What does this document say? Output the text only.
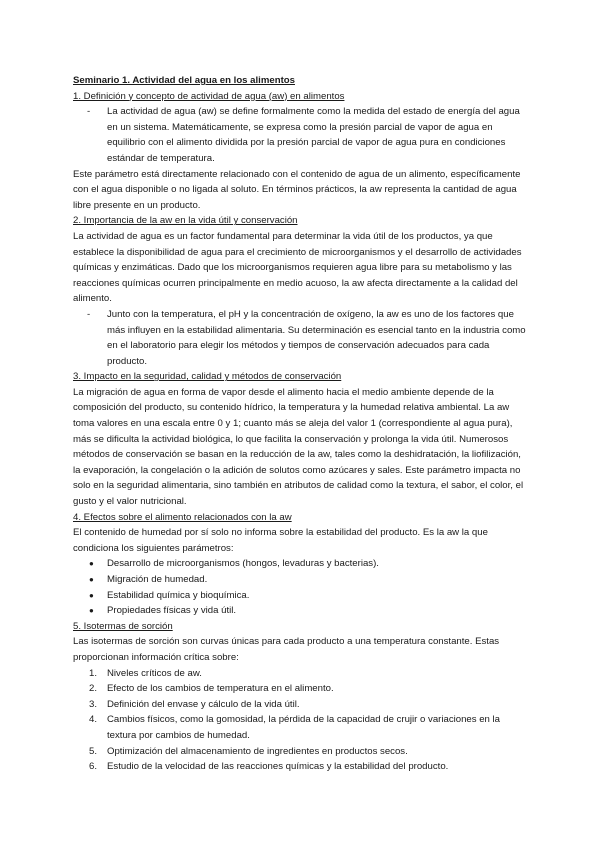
Seminario 1. Actividad del agua en los alimentos

1. Definición y concepto de actividad de agua (aw) en alimentos

- La actividad de agua (aw) se define formalmente como la medida del estado de energía del agua en un sistema. Matemáticamente, se expresa como la presión parcial de vapor de agua en equilibrio con el alimento dividida por la presión parcial de vapor de agua pura en condiciones estándar de temperatura.

Este parámetro está directamente relacionado con el contenido de agua de un alimento, específicamente con el agua disponible o no ligada al soluto. En términos prácticos, la aw representa la cantidad de agua libre presente en un producto.

2. Importancia de la aw en la vida útil y conservación

La actividad de agua es un factor fundamental para determinar la vida útil de los productos, ya que establece la disponibilidad de agua para el crecimiento de microorganismos y el desarrollo de actividades químicas y enzimáticas. Dado que los microorganismos requieren agua libre para su metabolismo y las reacciones químicas ocurren principalmente en medio acuoso, la aw afecta directamente a la calidad del alimento.

- Junto con la temperatura, el pH y la concentración de oxígeno, la aw es uno de los factores que más influyen en la estabilidad alimentaria. Su determinación es esencial tanto en la industria como en el laboratorio para elegir los métodos y tiempos de conservación adecuados para cada producto.

3. Impacto en la seguridad, calidad y métodos de conservación

La migración de agua en forma de vapor desde el alimento hacia el medio ambiente depende de la composición del producto, su contenido hídrico, la temperatura y la humedad relativa ambiental. La aw toma valores en una escala entre 0 y 1; cuanto más se aleja del valor 1 (correspondiente al agua pura), más se dificulta la actividad biológica, lo que facilita la conservación y prolonga la vida útil. Numerosos métodos de conservación se basan en la reducción de la aw, tales como la deshidratación, la liofilización, la evaporación, la congelación o la adición de solutos como azúcares y sales. Este parámetro impacta no solo en la seguridad alimentaria, sino también en atributos de calidad como la textura, el sabor, el color, el gusto y el valor nutricional.

4. Efectos sobre el alimento relacionados con la aw

El contenido de humedad por sí solo no informa sobre la estabilidad del producto. Es la aw la que condiciona los siguientes parámetros:

● Desarrollo de microorganismos (hongos, levaduras y bacterias).
● Migración de humedad.
● Estabilidad química y bioquímica.
● Propiedades físicas y vida útil.

5. Isotermas de sorción

Las isotermas de sorción son curvas únicas para cada producto a una temperatura constante. Estas proporcionan información crítica sobre:

1. Niveles críticos de aw.
2. Efecto de los cambios de temperatura en el alimento.
3. Definición del envase y cálculo de la vida útil.
4. Cambios físicos, como la gomosidad, la pérdida de la capacidad de crujir o variaciones en la textura por cambios de humedad.
5. Optimización del almacenamiento de ingredientes en productos secos.
6. Estudio de la velocidad de las reacciones químicas y la estabilidad del producto.
